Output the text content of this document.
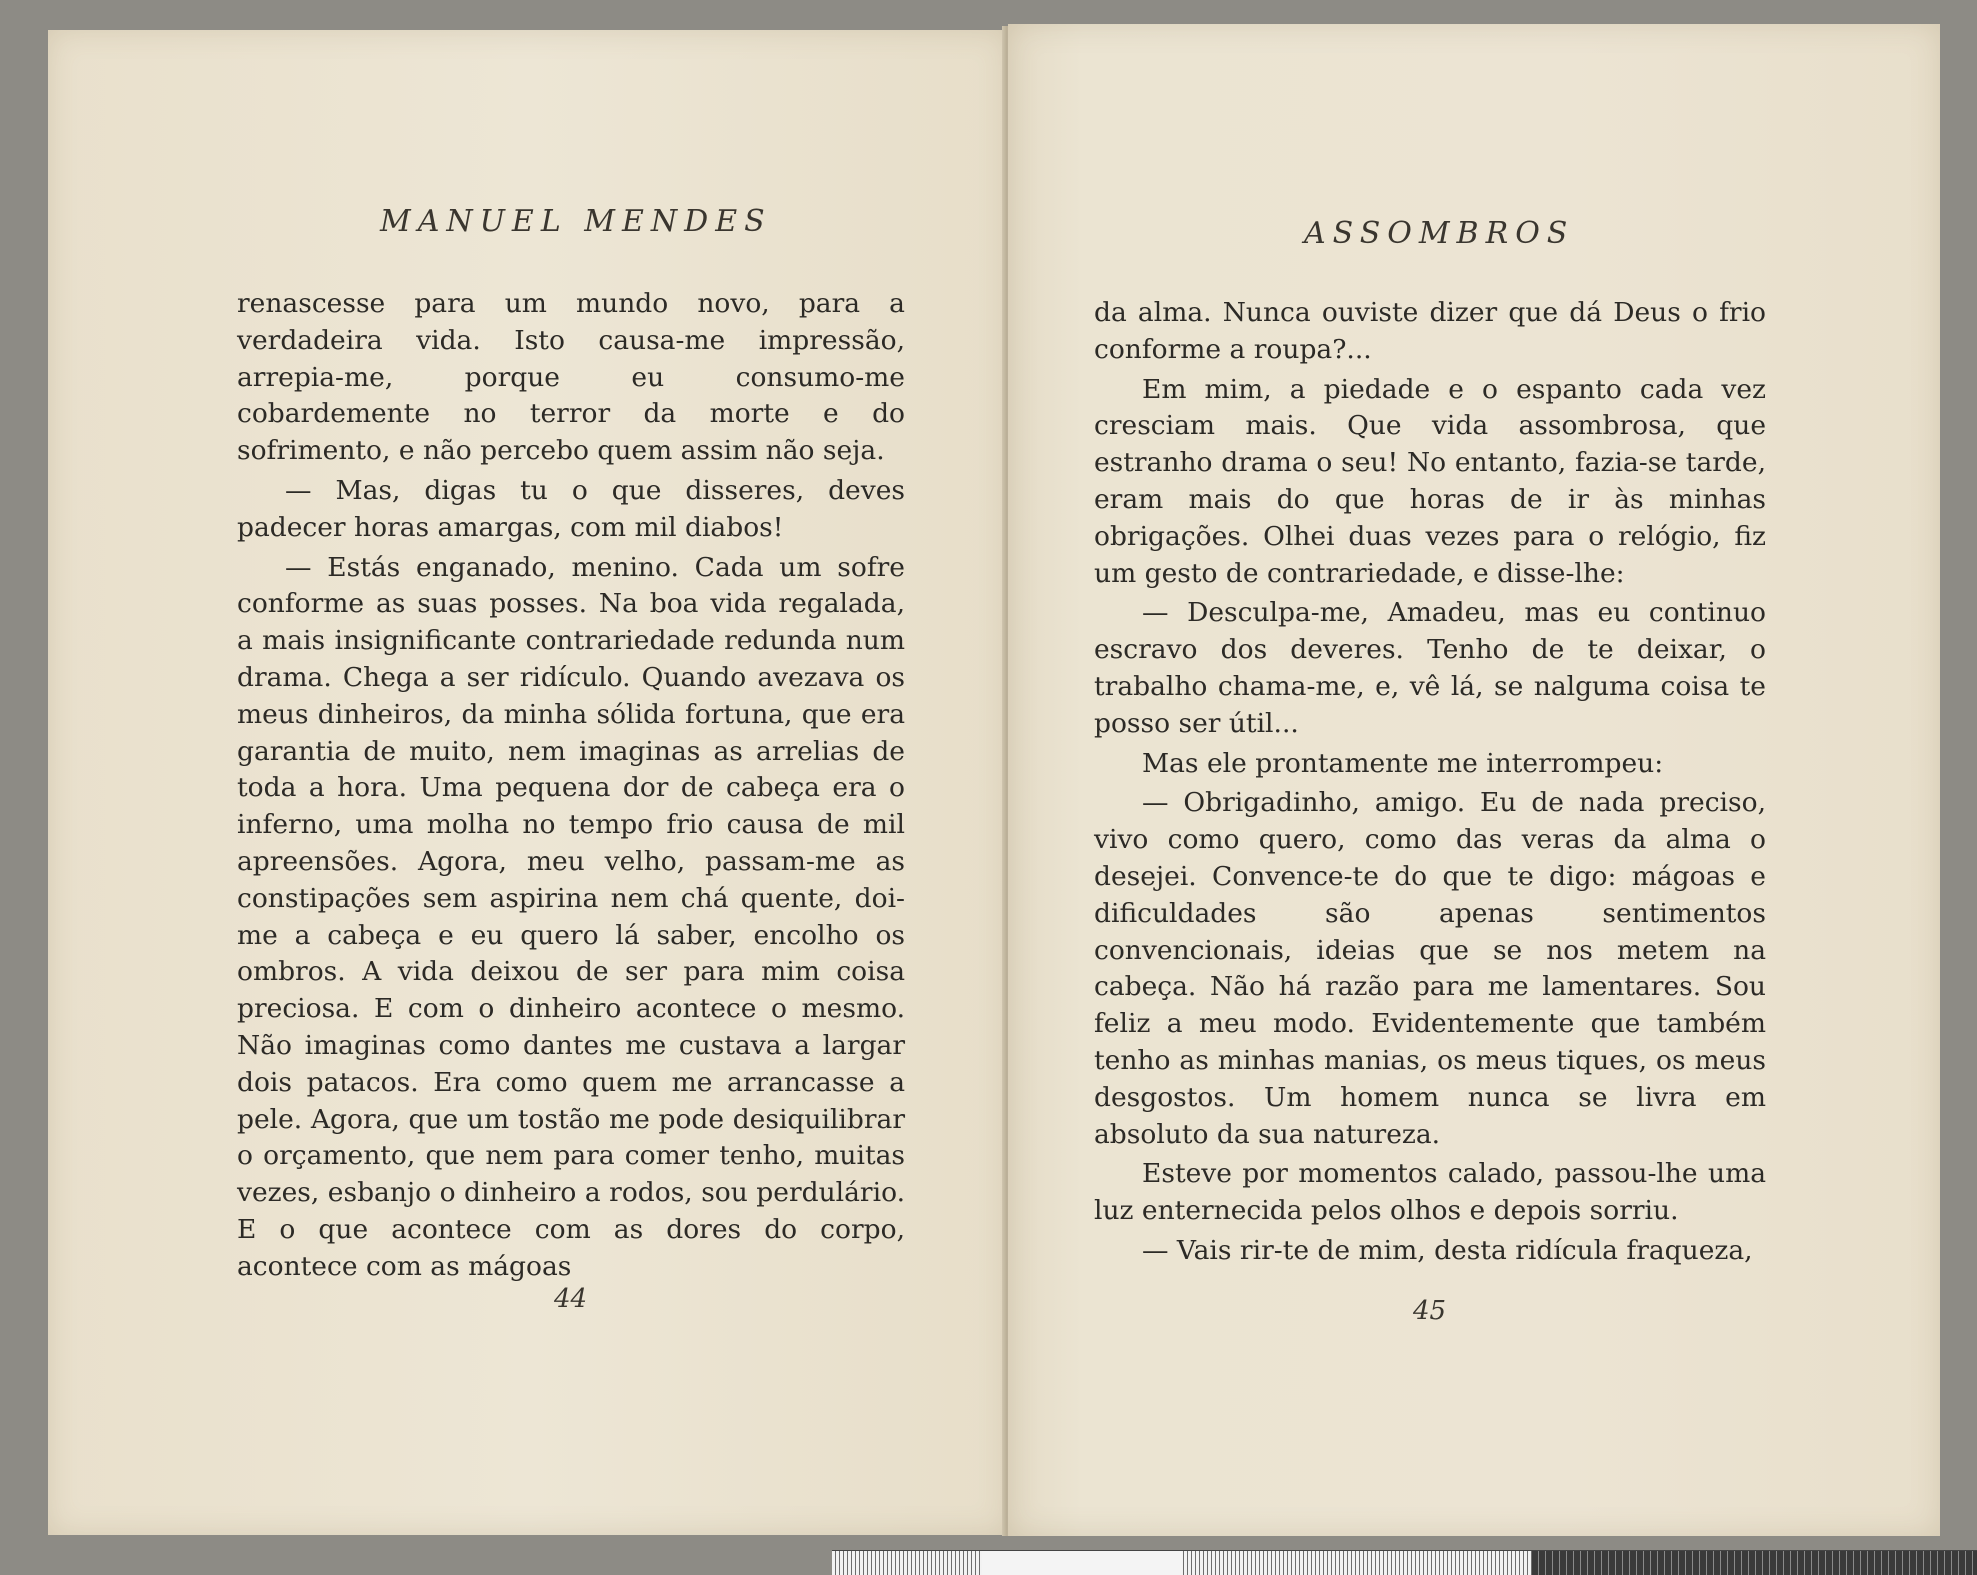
MANUEL MENDES	ASSOMBROS

renascesse para um mundo novo, para a verdadeira vida. Isto causa-me impressão, arrepia-me, porque eu consumo-me cobardemente no terror da morte e do sofrimento, e não percebo quem assim não seja.

— Mas, digas tu o que disseres, deves padecer horas amargas, com mil diabos!

— Estás enganado, menino. Cada um sofre conforme as suas posses. Na boa vida regalada, a mais insignificante contrariedade redunda num drama. Chega a ser ridículo. Quando avezava os meus dinheiros, da minha sólida fortuna, que era garantia de muito, nem imaginas as arrelias de toda a hora. Uma pequena dor de cabeça era o inferno, uma molha no tempo frio causa de mil apreensões. Agora, meu velho, passam-me as constipações sem aspirina nem chá quente, doi-me a cabeça e eu quero lá saber, encolho os ombros. A vida deixou de ser para mim coisa preciosa. E com o dinheiro acontece o mesmo. Não imaginas como dantes me custava a largar dois patacos. Era como quem me arrancasse a pele. Agora, que um tostão me pode desiquilibrar o orçamento, que nem para comer tenho, muitas vezes, esbanjo o dinheiro a rodos, sou perdulário. E o que acontece com as dores do corpo, acontece com as mágoas

da alma. Nunca ouviste dizer que dá Deus o frio conforme a roupa?...

Em mim, a piedade e o espanto cada vez cresciam mais. Que vida assombrosa, que estranho drama o seu! No entanto, fazia-se tarde, eram mais do que horas de ir às minhas obrigações. Olhei duas vezes para o relógio, fiz um gesto de contrariedade, e disse-lhe:

— Desculpa-me, Amadeu, mas eu continuo escravo dos deveres. Tenho de te deixar, o trabalho chama-me, e, vê lá, se nalguma coisa te posso ser útil...

Mas ele prontamente me interrompeu:

— Obrigadinho, amigo. Eu de nada preciso, vivo como quero, como das veras da alma o desejei. Convence-te do que te digo: mágoas e dificuldades são apenas sentimentos convencionais, ideias que se nos metem na cabeça. Não há razão para me lamentares. Sou feliz a meu modo. Evidentemente que também tenho as minhas manias, os meus tiques, os meus desgostos. Um homem nunca se livra em absoluto da sua natureza.

Esteve por momentos calado, passou-lhe uma luz enternecida pelos olhos e depois sorriu.

— Vais rir-te de mim, desta ridícula fraqueza,

44	45
